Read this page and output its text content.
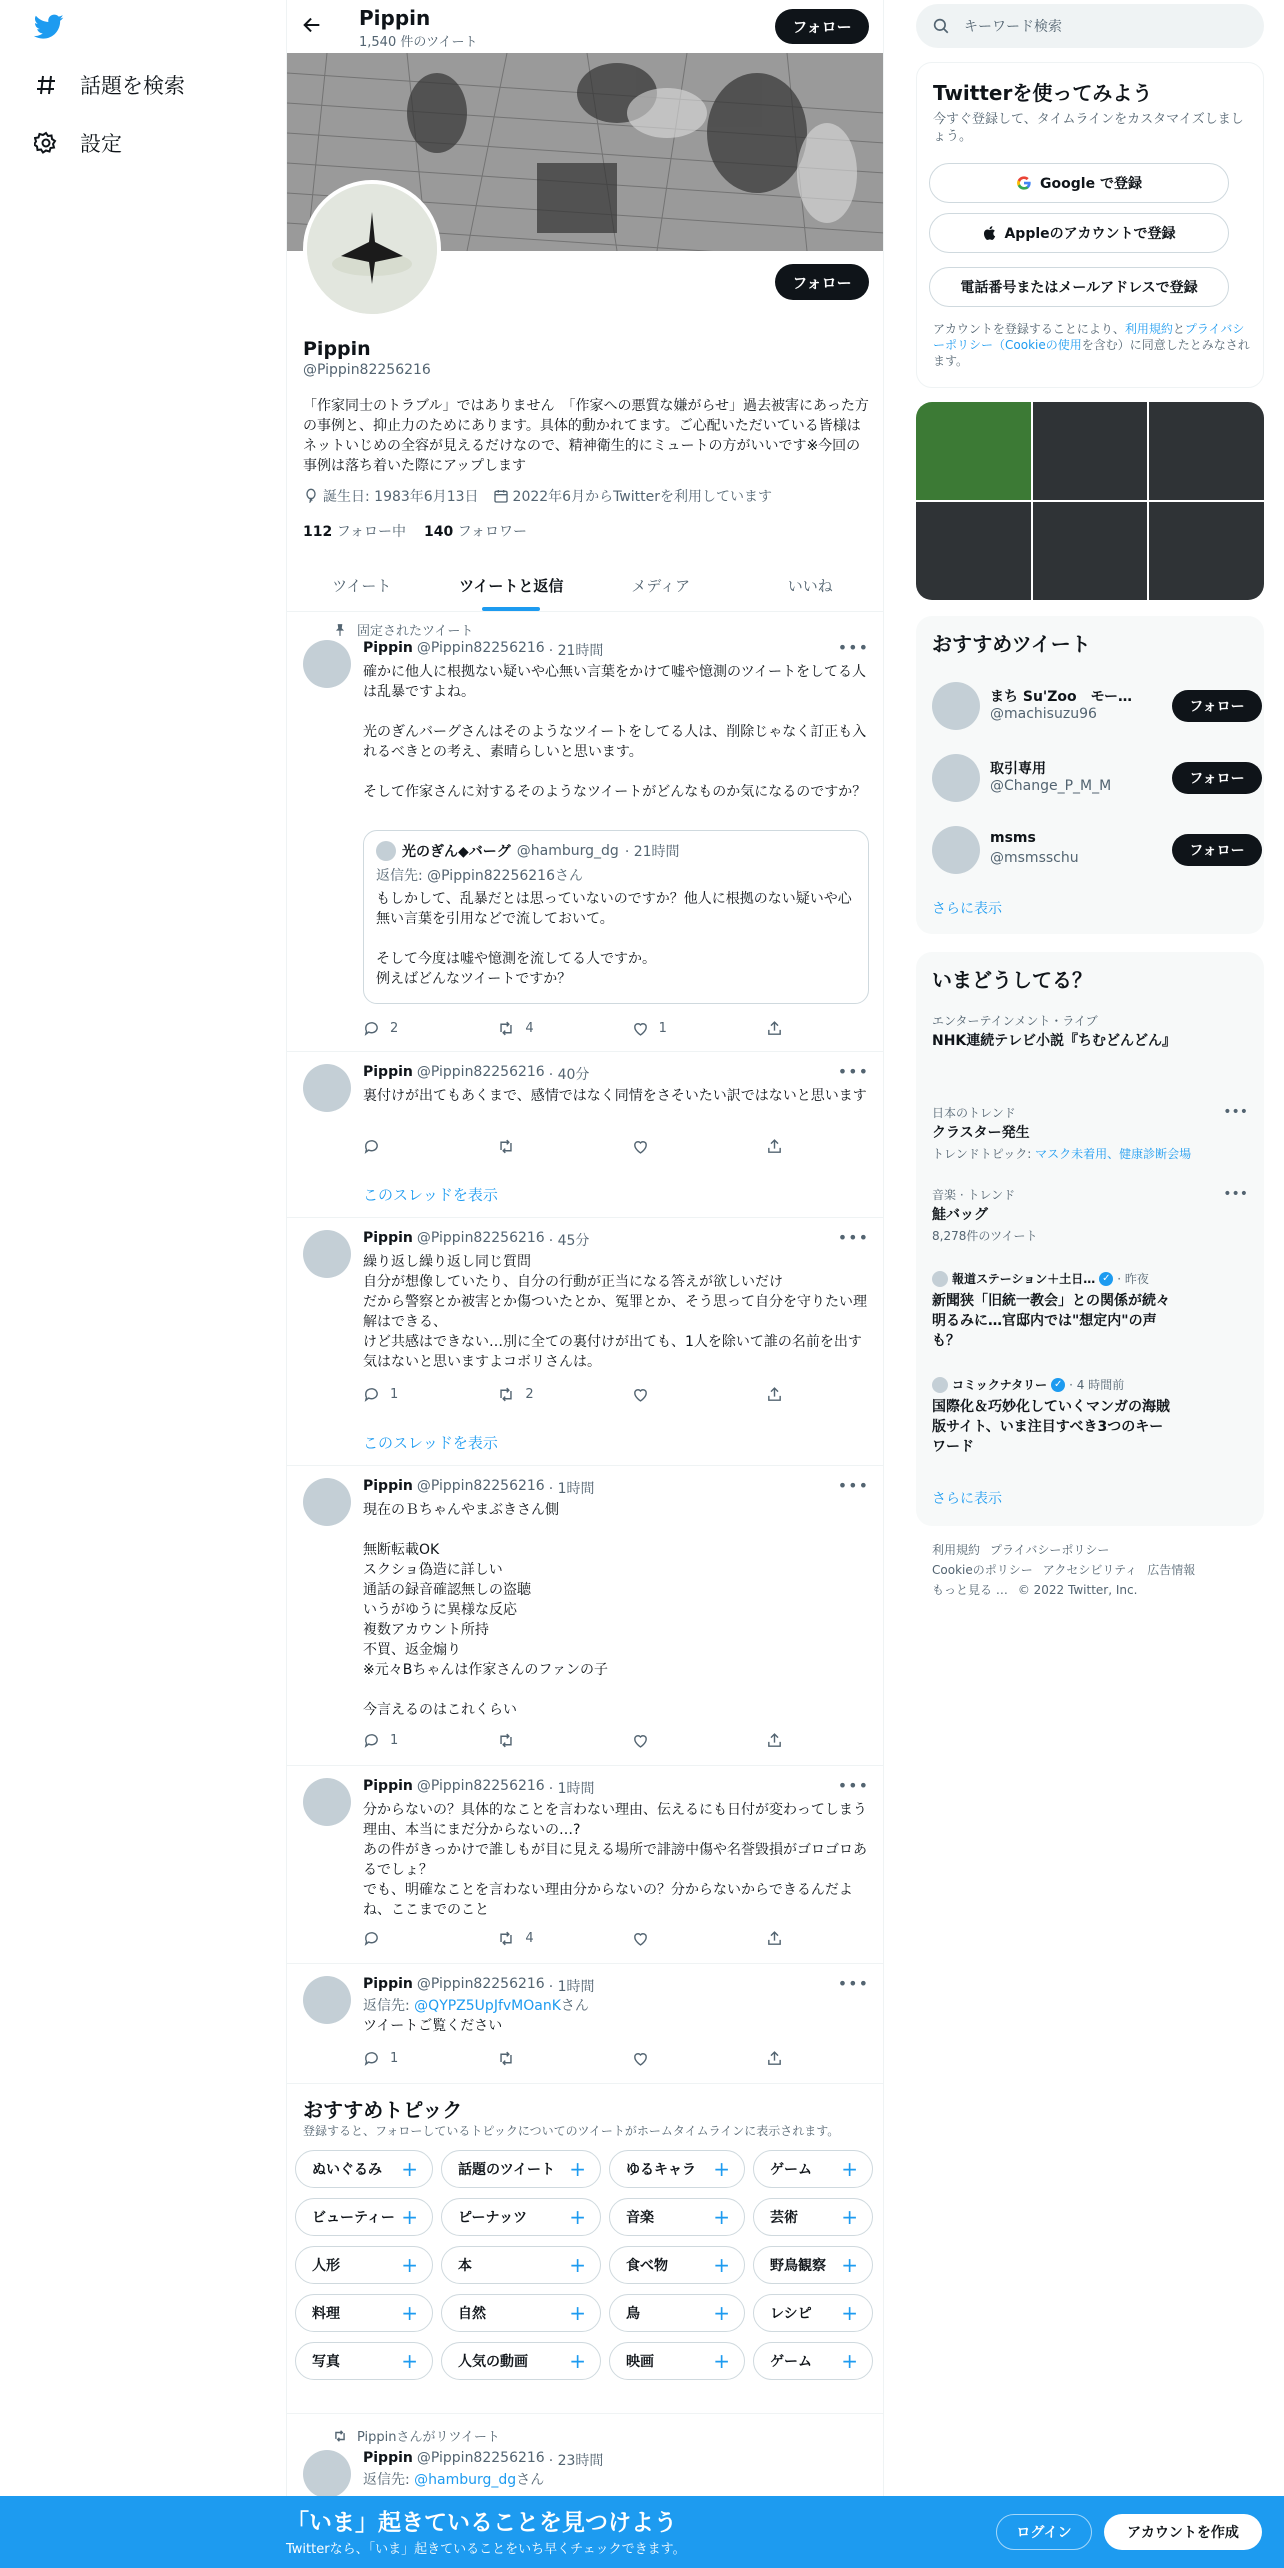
話題を検索
設定
Pippin
1,540 件のツイート
フォロー
フォロー
Pippin
@Pippin82256216
「作家同士のトラブル」ではありません　「作家への悪質な嫌がらせ」過去被害にあった方の事例と、抑止力のためにあります。具体的動かれてます。ご心配いただいている皆様はネットいじめの全容が見えるだけなので、精神衛生的にミュートの方がいいです※今回の事例は落ち着いた際にアップします
誕生日: 1983年6月13日 2022年6月からTwitterを利用しています
112 フォロー中 140 フォロワー
ツイート	ツイートと返信	メディア	いいね
固定されたツイート
Pippin @Pippin82256216 · 21時間	•••
確かに他人に根拠ない疑いや心無い言葉をかけて嘘や憶測のツイートをしてる人は乱暴ですよね。

光のぎんバーグさんはそのようなツイートをしてる人は、削除じゃなく訂正も入れるべきとの考え、素晴らしいと思います。

そして作家さんに対するそのようなツイートがどんなものか気になるのですか？
光のぎん◆バーグ @hamburg_dg · 21時間
返信先: @Pippin82256216さん
もしかして、乱暴だとは思っていないのですか？他人に根拠のない疑いや心無い言葉を引用などで流しておいて。

そして今度は嘘や憶測を流してる人ですか。
例えばどんなツイートですか？
2	4	1
Pippin @Pippin82256216 · 40分	•••
裏付けが出てもあくまで、感情ではなく同情をさそいたい訳ではないと思います
このスレッドを表示
Pippin @Pippin82256216 · 45分	•••
繰り返し繰り返し同じ質問
自分が想像していたり、自分の行動が正当になる答えが欲しいだけ
だから警察とか被害とか傷ついたとか、冤罪とか、そう思って自分を守りたい理解はできる、
けど共感はできない…別に全ての裏付けが出ても、1人を除いて誰の名前を出す気はないと思いますよコボリさんは。
1	2
このスレッドを表示
Pippin @Pippin82256216 · 1時間	•••
現在のＢちゃんやまぶきさん側

無断転載OK
スクショ偽造に詳しい
通話の録音確認無しの盗聴
いうがゆうに異様な反応
複数アカウント所持
不買、返金煽り
※元々Bちゃんは作家さんのファンの子

今言えるのはこれくらい
1
Pippin @Pippin82256216 · 1時間	•••
分からないの？具体的なことを言わない理由、伝えるにも日付が変わってしまう理由、本当にまだ分からないの…?
あの件がきっかけで誰しもが目に見える場所で誹謗中傷や名誉毀損がゴロゴロあるでしょ？
でも、明確なことを言わない理由分からないの？分からないからできるんだよね、ここまでのこと
4
Pippin @Pippin82256216 · 1時間	•••
返信先: @QYPZ5UpJfvMOanKさん
ツイートご覧ください
1
おすすめトピック
登録すると、フォローしているトピックについてのツイートがホームタイムラインに表示されます。
ぬいぐるみ +	話題のツイート +	ゆるキャラ +	ゲーム +
ビューティー +	ピーナッツ +	音楽	+	芸術 +
人形	+	本	+	食べ物 +	野鳥観察 +
料理	+	自然	+	鳥	+	レシピ +
写真	+	人気の動画 +	映画	+	ゲーム +
Pippinさんがリツイート
Pippin @Pippin82256216 · 23時間
返信先: @hamburg_dgさん
キーワード検索
Twitterを使ってみよう
今すぐ登録して、タイムラインをカスタマイズしましょう。
Google で登録
Appleのアカウントで登録
電話番号またはメールアドレスで登録
アカウントを登録することにより、利用規約とプライバシーポリシー（Cookieの使用を含む）に同意したとみなされます。
おすすめツイート
まち Su'Zoo　モー…
@machisuzu96	フォロー
取引専用
@Change_P_M_M	フォロー
msms
@msmsschu	フォロー
さらに表示
いまどうしてる？
エンターテインメント・ライブ
NHK連続テレビ小説『ちむどんどん』
日本のトレンド
クラスター発生
トレンドトピック: マスク未着用、健康診断会場
•••
音楽 · トレンド
鮭バッグ
8,278件のツイート
•••
報道ステーション＋土日… ✓ · 昨夜
新聞狭「旧統一教会」との関係が続々明るみに…官邸内では"想定内"の声も？
コミックナタリー ✓ · 4 時間前
国際化＆巧妙化していくマンガの海賊版サイト、いま注目すべき3つのキーワード
さらに表示
利用規約 プライバシーポリシー
Cookieのポリシー アクセシビリティ 広告情報
もっと見る … © 2022 Twitter, Inc.
「いま」起きていることを見つけよう
Twitterなら、「いま」起きていることをいち早くチェックできます。
ログイン	アカウントを作成
